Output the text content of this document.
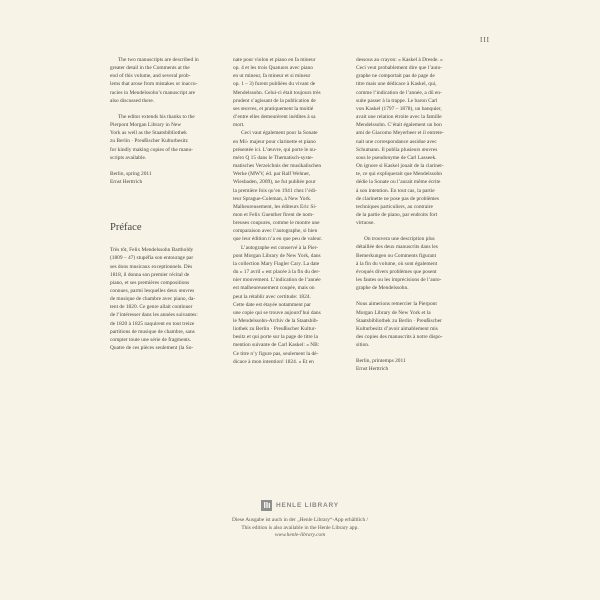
III

The two manuscripts are described in

greater detail in the Comments at the

end of this volume, and several prob-

lems that arose from mistakes or inaccu-

racies in Mendelssohn’s manuscript are

also discussed there.

The editor extends his thanks to the

Pierpont Morgan Library in New

York as well as the Staatsbibliothek

zu Berlin · Preußischer Kulturbesitz

for kindly making copies of the manu-

scripts available.

Berlin, spring 2011

Ernst Herttrich

Préface

Très tôt, Felix Mendelssohn Bartholdy

(1809 – 47) stupéfia son entourage par

ses dons musicaux exceptionnels. Dès

1818, il donna son premier récital de

piano, et ses premières compositions

connues, parmi lesquelles deux œuvres

de musique de chambre avec piano, da-

tent de 1820. Ce genre allait continuer

de l’intéresser dans les années suivantes:

de 1820 à 1825 naquirent en tout treize

partitions de musique de chambre, sans

compter toute une série de fragments.

Quatre de ces pièces seulement (la So-

nate pour violon et piano en fa mineur

op. 4 et les trois Quatuors avec piano

en ut mineur, fa mineur et si mineur

op. 1 – 3) furent publiées du vivant de

Mendelssohn. Celui-ci était toujours très

prudent s’agissant de la publication de

ses œuvres, et pratiquement la moitié

d’entre elles demeurèrent inédites à sa

mort.

Ceci vaut également pour la Sonate

en Mi♭ majeur pour clarinette et piano

présentée ici. L’œuvre, qui porte le nu-

méro Q 15 dans le Thematisch-syste-

matisches Verzeichnis der musikalischen

Werke (MWV, éd. par Ralf Wehner,

Wiesbaden, 2009), ne fut publiée pour

la première fois qu’en 1941 chez l’édi-

teur Sprague-Coleman, à New York.

Malheureusement, les éditeurs Eric Si-

mon et Felix Guenther firent de nom-

breuses coupures, comme le montre une

comparaison avec l’autographe, si bien

que leur édition n’a eu que peu de valeur.

L’autographe est conservé à la Pier-

pont Morgan Library de New York, dans

la collection Mary Flagler Cary. La date

du « 17 avril » est placée à la fin du der-

nier mouvement. L’indication de l’année

est malheureusement coupée, mais on

peut la rétablir avec certitude: 1824.

Cette date est étayée notamment par

une copie qui se trouve aujourd’hui dans

le Mendelssohn-Archiv de la Staatsbib-

liothek zu Berlin · Preußischer Kultur-

besitz et qui porte sur la page de titre la

mention suivante de Carl Kaskel: « NB:

Ce titre n’y figure pas, seulement la dé-

dicace à mon intention! 1824. » Et en

dessous au crayon: « Kaskel à Dresde. »

Ceci veut probablement dire que l’auto-

graphe ne comportait pas de page de

titre mais une dédicace à Kaskel, qui,

comme l’indication de l’année, a dû en-

suite passer à la trappe. Le baron Carl

von Kaskel (1797 – 1878), un banquier,

avait une relation étroite avec la famille

Mendelssohn. C’était également un bon

ami de Giacomo Meyerbeer et il entrete-

nait une correspondance assidue avec

Schumann. Il publia plusieurs œuvres

sous le pseudonyme de Carl Lasseek.

On ignore si Kaskel jouait de la clarinet-

te, ce qui expliquerait que Mendelssohn

dédie la Sonate ou l’aurait même écrite

à son intention. En tout cas, la partie

de clarinette ne pose pas de problèmes

techniques particuliers, au contraire

de la partie de piano, par endroits fort

virtuose.

On trouvera une description plus

détaillée des deux manuscrits dans les

Bemerkungen ou Comments figurant

à la fin du volume, où sont également

évoqués divers problèmes que posent

les fautes ou les imprécisions de l’auto-

graphe de Mendelssohn.

Nous aimerions remercier la Pierpont

Morgan Library de New York et la

Staatsbibliothek zu Berlin · Preußischer

Kulturbesitz d’avoir aimablement mis

des copies des manuscrits à notre dispo-

sition.

Berlin, printemps 2011

Ernst Herttrich

HENLE LIBRARY
Diese Ausgabe ist auch in der „Henle Library“-App erhältlich /
This edition is also available in the Henle Library app.
www.henle-library.com
